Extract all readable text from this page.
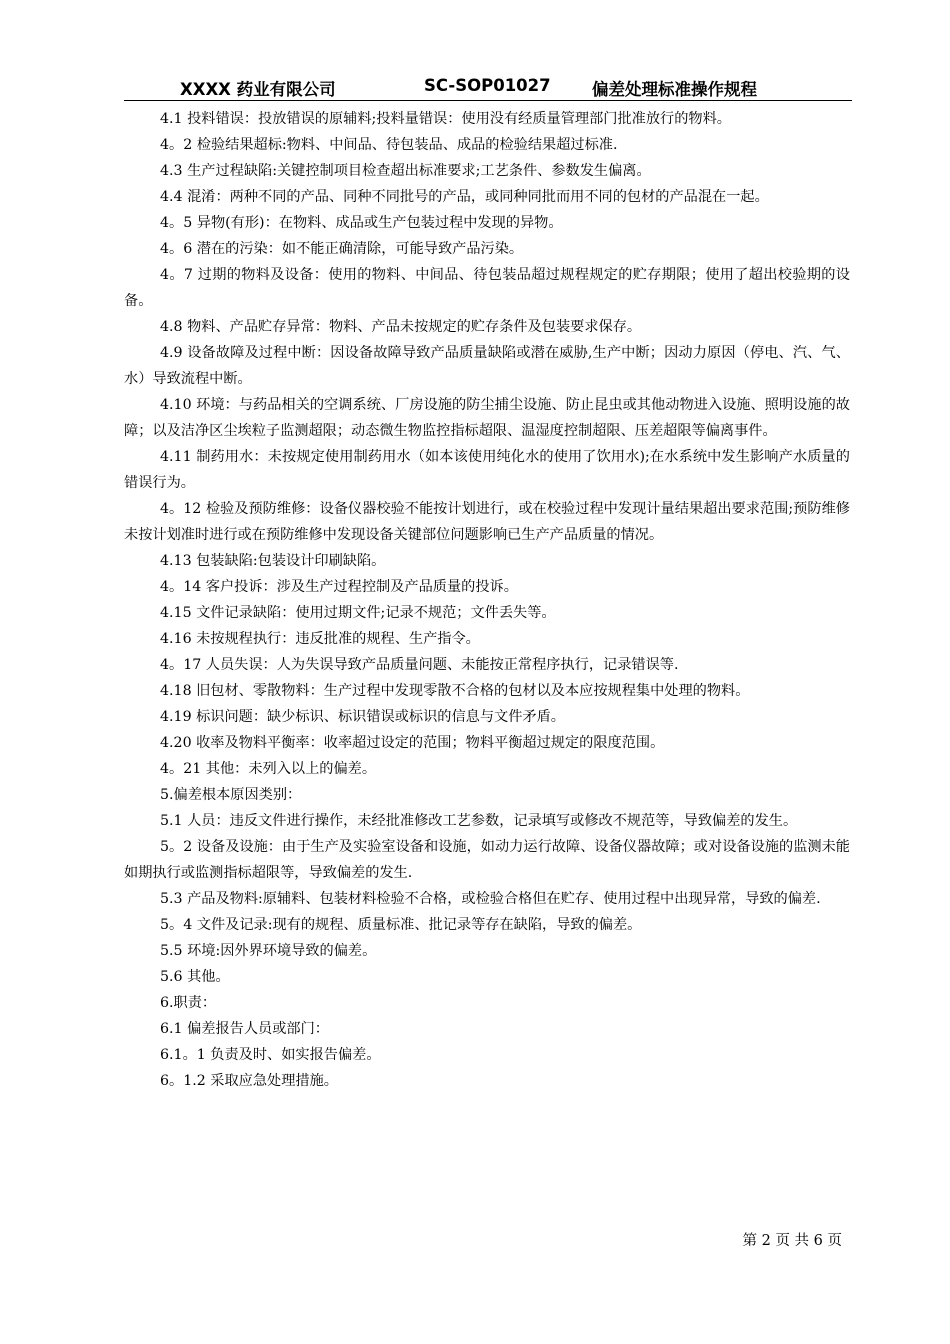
XXXX 药业有限公司	SC-SOP01027	偏差处理标准操作规程

4.1 投料错误：投放错误的原辅料;投料量错误：使用没有经质量管理部门批准放行的物料。

4。2 检验结果超标:物料、中间品、待包装品、成品的检验结果超过标准.

4.3 生产过程缺陷:关键控制项目检查超出标准要求;工艺条件、参数发生偏离。

4.4 混淆：两种不同的产品、同种不同批号的产品，或同种同批而用不同的包材的产品混在一起。

4。5 异物(有形)：在物料、成品或生产包装过程中发现的异物。

4。6 潜在的污染：如不能正确清除，可能导致产品污染。

4。7 过期的物料及设备：使用的物料、中间品、待包装品超过规程规定的贮存期限；使用了超出校验期的设备。

4.8 物料、产品贮存异常：物料、产品未按规定的贮存条件及包装要求保存。

4.9 设备故障及过程中断：因设备故障导致产品质量缺陷或潜在威胁,生产中断；因动力原因（停电、汽、气、水）导致流程中断。

4.10 环境：与药品相关的空调系统、厂房设施的防尘捕尘设施、防止昆虫或其他动物进入设施、照明设施的故障；以及洁净区尘埃粒子监测超限；动态微生物监控指标超限、温湿度控制超限、压差超限等偏离事件。

4.11 制药用水：未按规定使用制药用水（如本该使用纯化水的使用了饮用水);在水系统中发生影响产水质量的错误行为。

4。12 检验及预防维修：设备仪器校验不能按计划进行，或在校验过程中发现计量结果超出要求范围;预防维修未按计划准时进行或在预防维修中发现设备关键部位问题影响已生产产品质量的情况。

4.13 包装缺陷:包装设计印刷缺陷。

4。14 客户投诉：涉及生产过程控制及产品质量的投诉。

4.15 文件记录缺陷：使用过期文件;记录不规范；文件丢失等。

4.16 未按规程执行：违反批准的规程、生产指令。

4。17 人员失误：人为失误导致产品质量问题、未能按正常程序执行，记录错误等.

4.18 旧包材、零散物料：生产过程中发现零散不合格的包材以及本应按规程集中处理的物料。

4.19 标识问题：缺少标识、标识错误或标识的信息与文件矛盾。

4.20 收率及物料平衡率：收率超过设定的范围；物料平衡超过规定的限度范围。

4。21 其他：未列入以上的偏差。

5.偏差根本原因类别：

5.1 人员：违反文件进行操作，未经批准修改工艺参数，记录填写或修改不规范等，导致偏差的发生。

5。2 设备及设施：由于生产及实验室设备和设施，如动力运行故障、设备仪器故障；或对设备设施的监测未能如期执行或监测指标超限等，导致偏差的发生.

5.3 产品及物料:原辅料、包装材料检验不合格，或检验合格但在贮存、使用过程中出现异常，导致的偏差.

5。4 文件及记录:现有的规程、质量标准、批记录等存在缺陷，导致的偏差。

5.5 环境:因外界环境导致的偏差。

5.6 其他。

6.职责：

6.1 偏差报告人员或部门：

6.1。1 负责及时、如实报告偏差。

6。1.2 采取应急处理措施。

第 2 页 共 6 页
